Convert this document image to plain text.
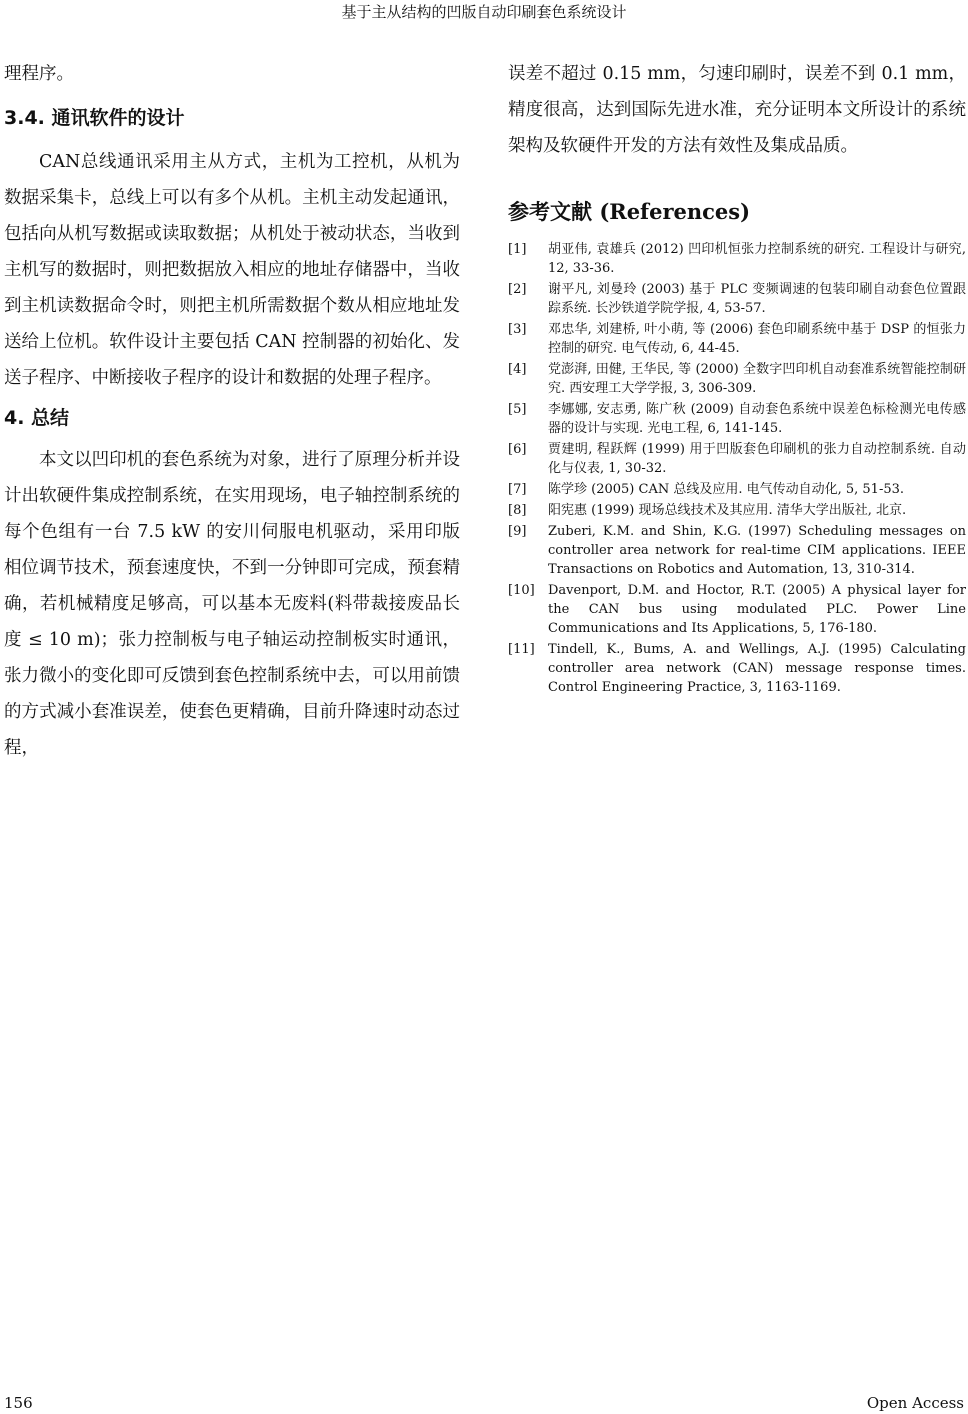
基于主从结构的凹版自动印刷套色系统设计

理程序。

3.4. 通讯软件的设计

CAN总线通讯采用主从方式，主机为工控机，从机为数据采集卡，总线上可以有多个从机。主机主动发起通讯，包括向从机写数据或读取数据；从机处于被动状态，当收到主机写的数据时，则把数据放入相应的地址存储器中，当收到主机读数据命令时，则把主机所需数据个数从相应地址发送给上位机。软件设计主要包括 CAN 控制器的初始化、发送子程序、中断接收子程序的设计和数据的处理子程序。

4. 总结

本文以凹印机的套色系统为对象，进行了原理分析并设计出软硬件集成控制系统，在实用现场，电子轴控制系统的每个色组有一台 7.5 kW 的安川伺服电机驱动，采用印版相位调节技术，预套速度快，不到一分钟即可完成，预套精确，若机械精度足够高，可以基本无废料(料带裁接废品长度 ≤ 10 m)；张力控制板与电子轴运动控制板实时通讯，张力微小的变化即可反馈到套色控制系统中去，可以用前馈的方式减小套准误差，使套色更精确，目前升降速时动态过程，

误差不超过 0.15 mm，匀速印刷时，误差不到 0.1 mm，精度很高，达到国际先进水准，充分证明本文所设计的系统架构及软硬件开发的方法有效性及集成品质。

参考文献 (References)
[1]	胡亚伟, 袁雄兵 (2012) 凹印机恒张力控制系统的研究. 工程设计与研究, 12, 33-36.
[2]	谢平凡, 刘曼玲 (2003) 基于 PLC 变频调速的包装印刷自动套色位置跟踪系统. 长沙铁道学院学报, 4, 53-57.
[3]	邓忠华, 刘建桥, 叶小萌, 等 (2006) 套色印刷系统中基于 DSP 的恒张力控制的研究. 电气传动, 6, 44-45.
[4]	党澎湃, 田健, 王华民, 等 (2000) 全数字凹印机自动套准系统智能控制研究. 西安理工大学学报, 3, 306-309.
[5]	李娜娜, 安志勇, 陈广秋 (2009) 自动套色系统中误差色标检测光电传感器的设计与实现. 光电工程, 6, 141-145.
[6]	贾建明, 程跃辉 (1999) 用于凹版套色印刷机的张力自动控制系统. 自动化与仪表, 1, 30-32.
[7]	陈学珍 (2005) CAN 总线及应用. 电气传动自动化, 5, 51-53.
[8]	阳宪惠 (1999) 现场总线技术及其应用. 清华大学出版社, 北京.
[9]	Zuberi, K.M. and Shin, K.G. (1997) Scheduling messages on controller area network for real-time CIM applications. IEEE Transactions on Robotics and Automation, 13, 310-314.
[10]	Davenport, D.M. and Hoctor, R.T. (2005) A physical layer for the CAN bus using modulated PLC. Power Line Communications and Its Applications, 5, 176-180.
[11]	Tindell, K., Bums, A. and Wellings, A.J. (1995) Calculating controller area network (CAN) message response times. Control Engineering Practice, 3, 1163-1169.
156	Open Access
